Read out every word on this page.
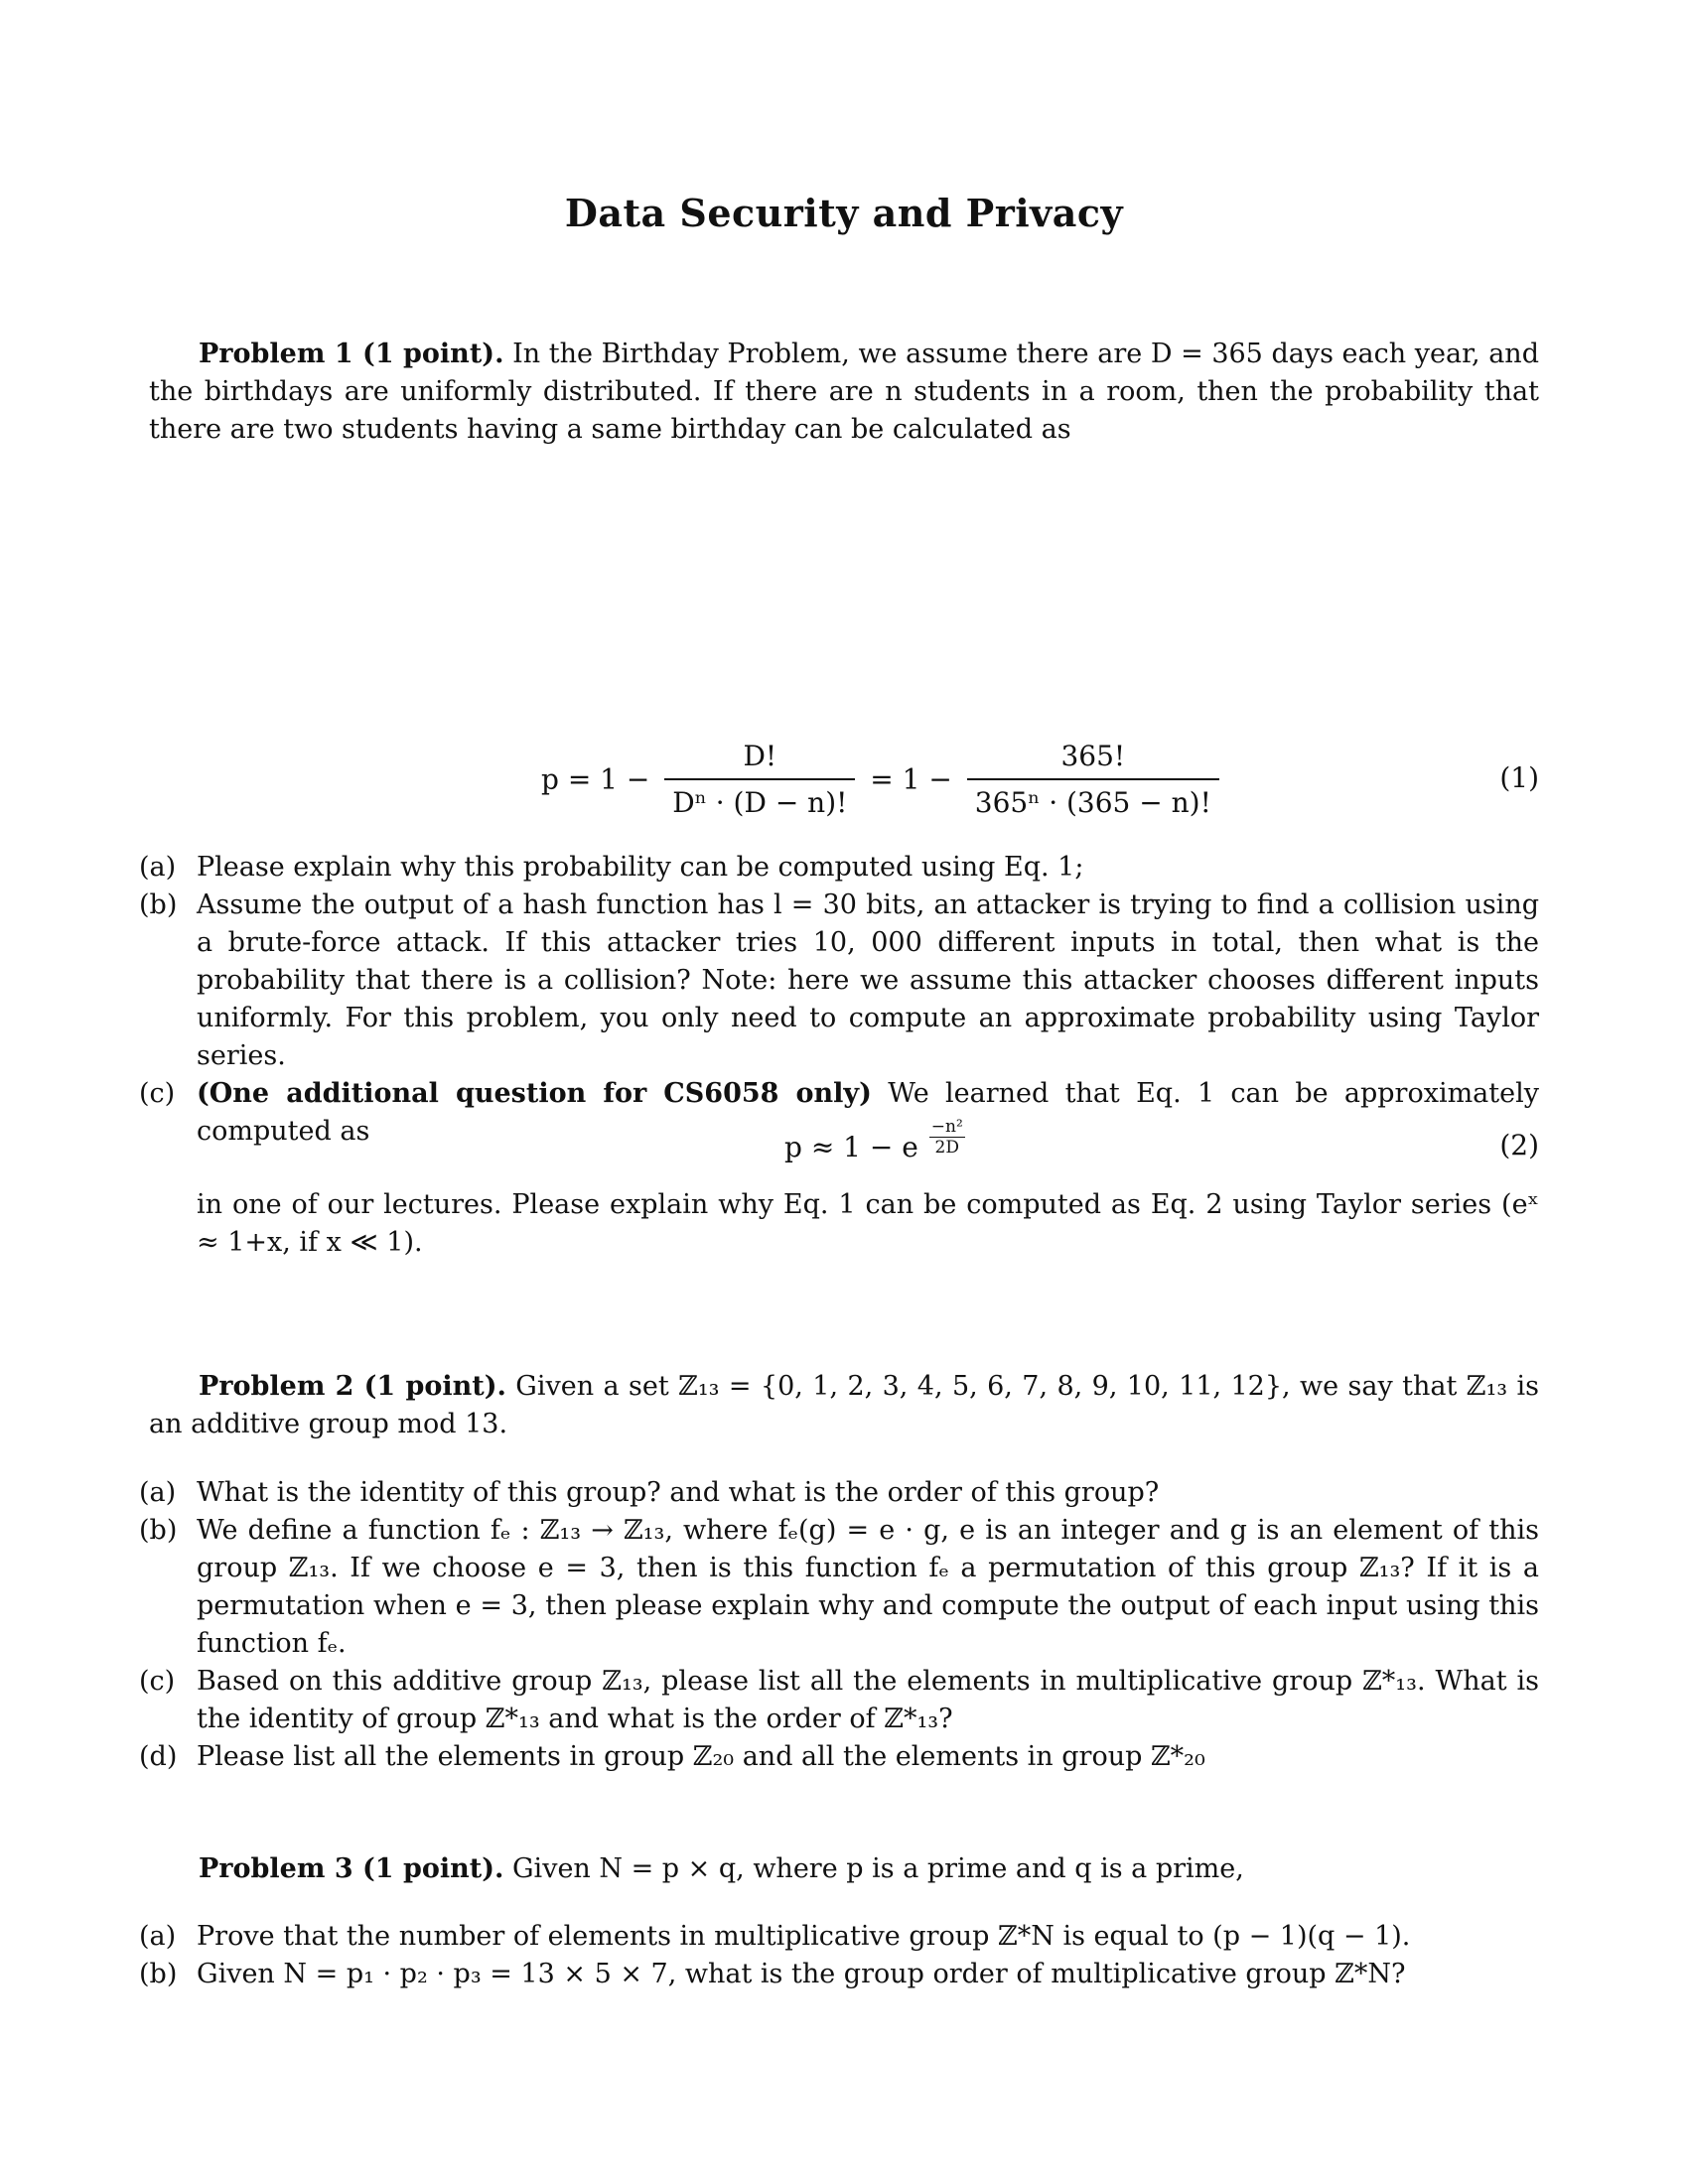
Data Security and Privacy
Problem 1 (1 point). In the Birthday Problem, we assume there are D = 365 days each year, and the birthdays are uniformly distributed. If there are n students in a room, then the probability that there are two students having a same birthday can be calculated as
$p = 1 - \frac{D!}{\text{Dⁿ · (D − n)!}} = 1 - \frac{365!}{\text{365ⁿ · (365 − n)!}}$	(1)
(a) Please explain why this probability can be computed using Eq. 1;
(b) Assume the output of a hash function has l = 30 bits, an attacker is trying to find a collision using a brute-force attack. If this attacker tries 10, 000 different inputs in total, then what is the probability that there is a collision? Note: here we assume this attacker chooses different inputs uniformly. For this problem, you only need to compute an approximate probability using Taylor series.
(c) (One additional question for CS6058 only) We learned that Eq. 1 can be approximately computed as	p ≈ 1 − e $\frac{\text{−n²}}{2D}$	(2)
in one of our lectures. Please explain why Eq. 1 can be computed as Eq. 2 using Taylor series (eˣ ≈ 1+x, if x ≪ 1).
Problem 2 (1 point). Given a set ℤ₁₃ = {0, 1, 2, 3, 4, 5, 6, 7, 8, 9, 10, 11, 12}, we say that ℤ₁₃ is an additive group mod 13.
(a) What is the identity of this group? and what is the order of this group?
(b) We define a function fₑ : ℤ₁₃ → ℤ₁₃, where fₑ(g) = e · g, e is an integer and g is an element of this group ℤ₁₃. If we choose e = 3, then is this function fₑ a permutation of this group ℤ₁₃? If it is a permutation when e = 3, then please explain why and compute the output of each input using this function fₑ.
(c) Based on this additive group ℤ₁₃, please list all the elements in multiplicative group ℤ*₁₃. What is the identity of group ℤ*₁₃ and what is the order of ℤ*₁₃?
(d) Please list all the elements in group ℤ₂₀ and all the elements in group ℤ*₂₀
Problem 3 (1 point). Given N = p × q, where p is a prime and q is a prime,
(a) Prove that the number of elements in multiplicative group ℤ*N is equal to (p − 1)(q − 1).
(b) Given N = p₁ · p₂ · p₃ = 13 × 5 × 7, what is the group order of multiplicative group ℤ*N?
